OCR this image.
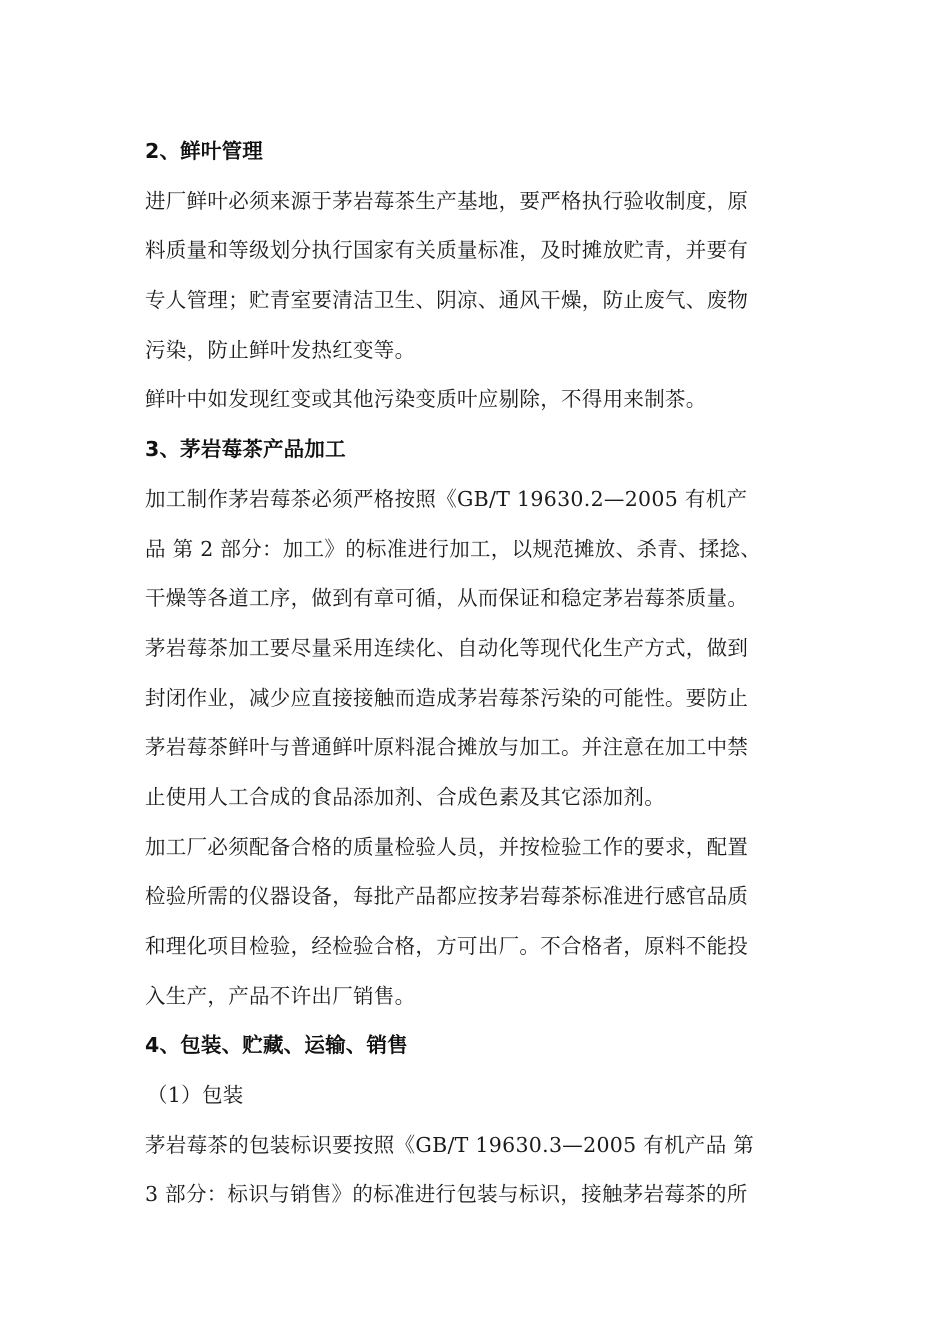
2、鲜叶管理
进厂鲜叶必须来源于茅岩莓茶生产基地，要严格执行验收制度，原
料质量和等级划分执行国家有关质量标准，及时摊放贮青，并要有
专人管理；贮青室要清洁卫生、阴凉、通风干燥，防止废气、废物
污染，防止鲜叶发热红变等。
鲜叶中如发现红变或其他污染变质叶应剔除，不得用来制茶。
3、茅岩莓茶产品加工
加工制作茅岩莓茶必须严格按照《GB/T 19630.2—2005 有机产
品 第 2 部分：加工》的标准进行加工，以规范摊放、杀青、揉捻、
干燥等各道工序，做到有章可循，从而保证和稳定茅岩莓茶质量。
茅岩莓茶加工要尽量采用连续化、自动化等现代化生产方式，做到
封闭作业，减少应直接接触而造成茅岩莓茶污染的可能性。要防止
茅岩莓茶鲜叶与普通鲜叶原料混合摊放与加工。并注意在加工中禁
止使用人工合成的食品添加剂、合成色素及其它添加剂。
加工厂必须配备合格的质量检验人员，并按检验工作的要求，配置
检验所需的仪器设备，每批产品都应按茅岩莓茶标准进行感官品质
和理化项目检验，经检验合格，方可出厂。不合格者，原料不能投
入生产，产品不许出厂销售。
4、包装、贮藏、运输、销售
（1）包装
茅岩莓茶的包装标识要按照《GB/T 19630.3—2005 有机产品 第
3 部分：标识与销售》的标准进行包装与标识，接触茅岩莓茶的所
